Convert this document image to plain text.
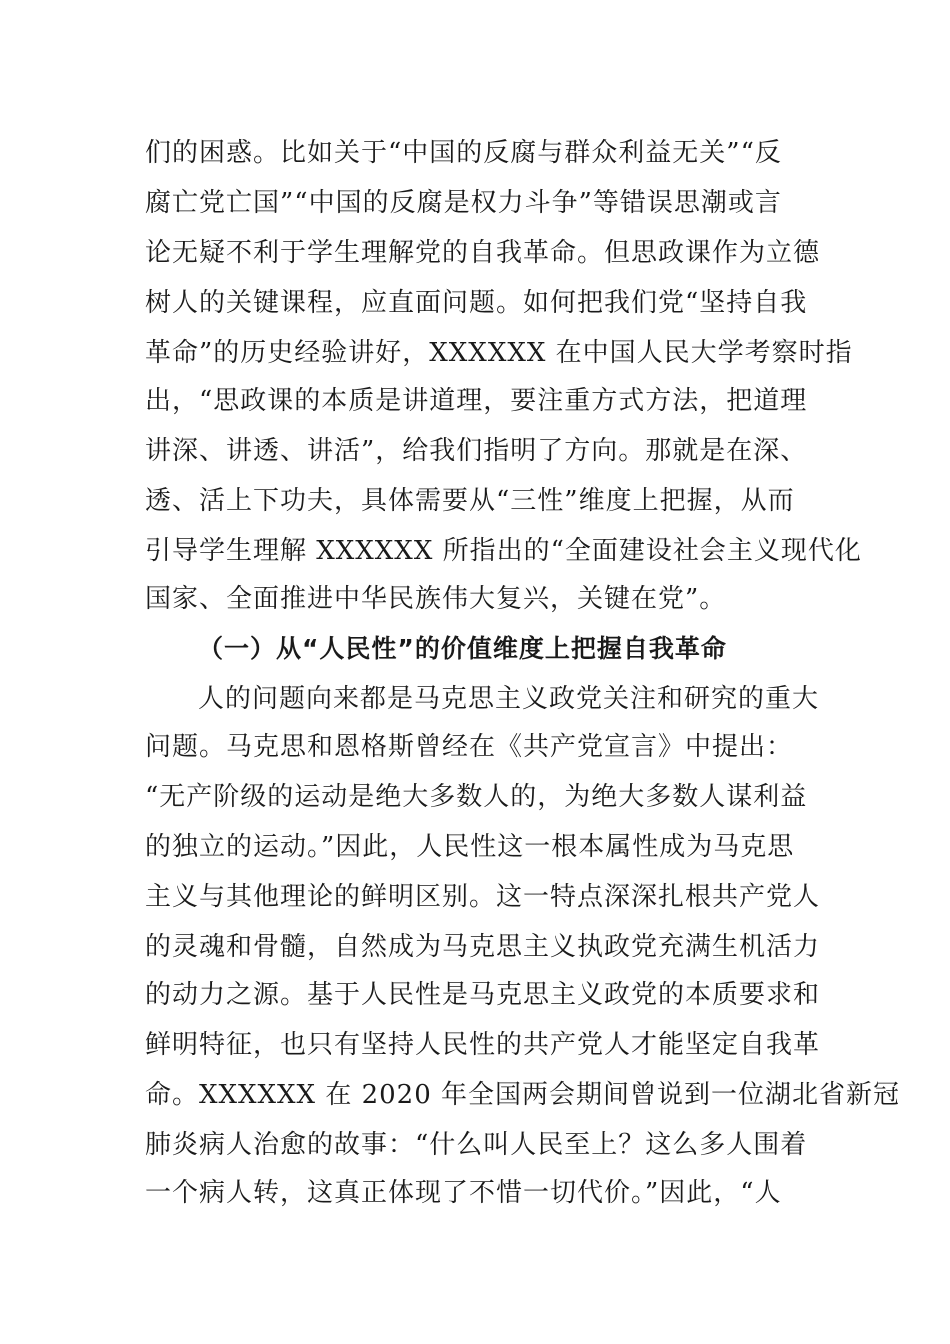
们的困惑。比如关于“中国的反腐与群众利益无关”“反
腐亡党亡国”“中国的反腐是权力斗争”等错误思潮或言
论无疑不利于学生理解党的自我革命。但思政课作为立德
树人的关键课程，应直面问题。如何把我们党“坚持自我
革命”的历史经验讲好，XXXXXX 在中国人民大学考察时指
出，“思政课的本质是讲道理，要注重方式方法，把道理
讲深、讲透、讲活”，给我们指明了方向。那就是在深、
透、活上下功夫，具体需要从“三性”维度上把握，从而
引导学生理解 XXXXXX 所指出的“全面建设社会主义现代化
国家、全面推进中华民族伟大复兴，关键在党”。
（一）从“人民性”的价值维度上把握自我革命
人的问题向来都是马克思主义政党关注和研究的重大
问题。马克思和恩格斯曾经在《共产党宣言》中提出：
“无产阶级的运动是绝大多数人的，为绝大多数人谋利益
的独立的运动。”因此，人民性这一根本属性成为马克思
主义与其他理论的鲜明区别。这一特点深深扎根共产党人
的灵魂和骨髓，自然成为马克思主义执政党充满生机活力
的动力之源。基于人民性是马克思主义政党的本质要求和
鲜明特征，也只有坚持人民性的共产党人才能坚定自我革
命。XXXXXX 在 2020 年全国两会期间曾说到一位湖北省新冠
肺炎病人治愈的故事：“什么叫人民至上？这么多人围着
一个病人转，这真正体现了不惜一切代价。”因此，“人
